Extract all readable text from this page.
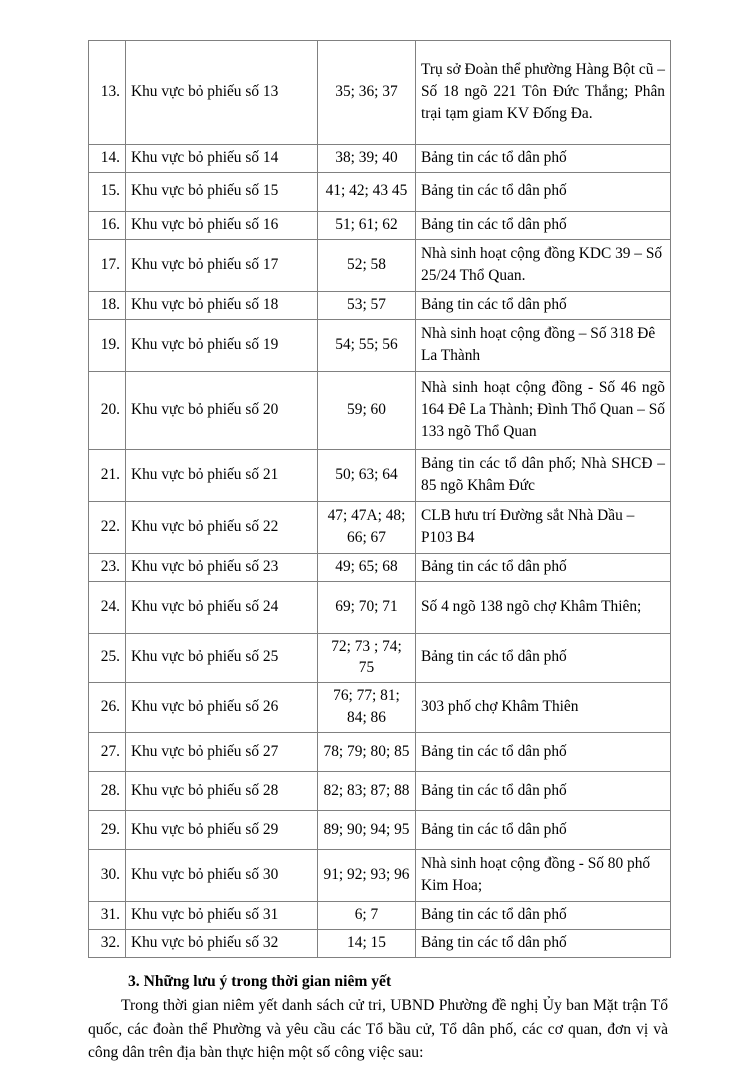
13.	Khu vực bỏ phiếu số 13	35; 36; 37	Trụ sở Đoàn thể phường Hàng Bột cũ – Số 18 ngõ 221 Tôn Đức Thắng; Phân trại tạm giam KV Đống Đa.
14.	Khu vực bỏ phiếu số 14	38; 39; 40	Bảng tin các tổ dân phố
15.	Khu vực bỏ phiếu số 15	41; 42; 43 45	Bảng tin các tổ dân phố
16.	Khu vực bỏ phiếu số 16	51; 61; 62	Bảng tin các tổ dân phố
17.	Khu vực bỏ phiếu số 17	52; 58	Nhà sinh hoạt cộng đồng KDC 39 – Số 25/24 Thổ Quan.
18.	Khu vực bỏ phiếu số 18	53; 57	Bảng tin các tổ dân phố
19.	Khu vực bỏ phiếu số 19	54; 55; 56	Nhà sinh hoạt cộng đồng – Số 318 Đê La Thành
20.	Khu vực bỏ phiếu số 20	59; 60	Nhà sinh hoạt cộng đồng - Số 46 ngõ 164 Đê La Thành; Đình Thổ Quan – Số 133 ngõ Thổ Quan
21.	Khu vực bỏ phiếu số 21	50; 63; 64	Bảng tin các tổ dân phố; Nhà SHCĐ – 85 ngõ Khâm Đức
22.	Khu vực bỏ phiếu số 22	47; 47A; 48; 66; 67	CLB hưu trí Đường sắt Nhà Dầu – P103 B4
23.	Khu vực bỏ phiếu số 23	49; 65; 68	Bảng tin các tổ dân phố
24.	Khu vực bỏ phiếu số 24	69; 70; 71	Số 4 ngõ 138 ngõ chợ Khâm Thiên;
25.	Khu vực bỏ phiếu số 25	72; 73 ; 74; 75	Bảng tin các tổ dân phố
26.	Khu vực bỏ phiếu số 26	76; 77; 81; 84; 86	303 phố chợ Khâm Thiên
27.	Khu vực bỏ phiếu số 27	78; 79; 80; 85	Bảng tin các tổ dân phố
28.	Khu vực bỏ phiếu số 28	82; 83; 87; 88	Bảng tin các tổ dân phố
29.	Khu vực bỏ phiếu số 29	89; 90; 94; 95	Bảng tin các tổ dân phố
30.	Khu vực bỏ phiếu số 30	91; 92; 93; 96	Nhà sinh hoạt cộng đồng - Số 80 phố Kim Hoa;
31.	Khu vực bỏ phiếu số 31	6; 7	Bảng tin các tổ dân phố
32.	Khu vực bỏ phiếu số 32	14; 15	Bảng tin các tổ dân phố

3. Những lưu ý trong thời gian niêm yết

Trong thời gian niêm yết danh sách cử tri, UBND Phường đề nghị Ủy ban Mặt trận Tổ quốc, các đoàn thể Phường và yêu cầu các Tổ bầu cử, Tổ dân phố, các cơ quan, đơn vị và công dân trên địa bàn thực hiện một số công việc sau:
